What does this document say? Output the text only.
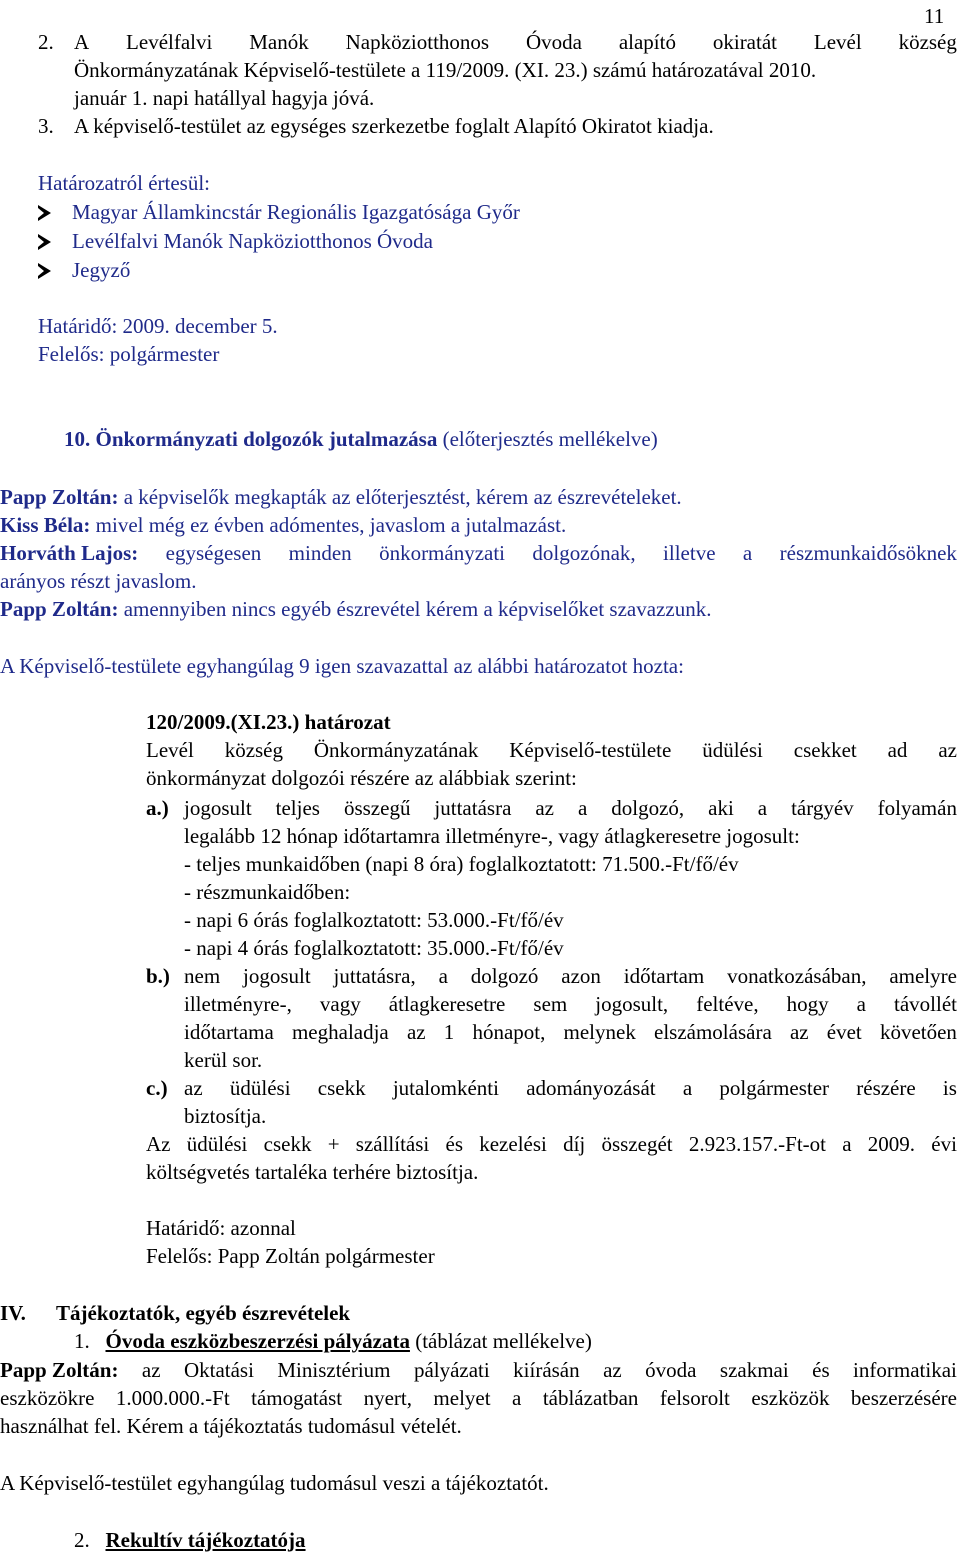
11
2. A Levélfalvi Manók Napköziotthonos Óvoda alapító okiratát Levél község
Önkormányzatának Képviselő-testülete a 119/2009. (XI. 23.) számú határozatával 2010.
január 1. napi hatállyal hagyja jóvá.
3. A képviselő-testület az egységes szerkezetbe foglalt Alapító Okiratot kiadja.
Határozatról értesül:
Magyar Államkincstár Regionális Igazgatósága Győr
Levélfalvi Manók Napköziotthonos Óvoda
Jegyző
Határidő: 2009. december 5.
Felelős: polgármester
10. Önkormányzati dolgozók jutalmazása (előterjesztés mellékelve)
Papp Zoltán: a képviselők megkapták az előterjesztést, kérem az észrevételeket.
Kiss Béla: mivel még ez évben adómentes, javaslom a jutalmazást.
Horváth Lajos: egységesen minden önkormányzati dolgozónak, illetve a részmunkaidősöknek
arányos részt javaslom.
Papp Zoltán: amennyiben nincs egyéb észrevétel kérem a képviselőket szavazzunk.
A Képviselő-testülete egyhangúlag 9 igen szavazattal az alábbi határozatot hozta:
120/2009.(XI.23.) határozat
Levél község Önkormányzatának Képviselő-testülete üdülési csekket ad az
önkormányzat dolgozói részére az alábbiak szerint:
a.) jogosult teljes összegű juttatásra az a dolgozó, aki a tárgyév folyamán
legalább 12 hónap időtartamra illetményre-, vagy átlagkeresetre jogosult:
- teljes munkaidőben (napi 8 óra) foglalkoztatott: 71.500.-Ft/fő/év
- részmunkaidőben:
- napi 6 órás foglalkoztatott: 53.000.-Ft/fő/év
- napi 4 órás foglalkoztatott: 35.000.-Ft/fő/év
b.) nem jogosult juttatásra, a dolgozó azon időtartam vonatkozásában, amelyre
illetményre-, vagy átlagkeresetre sem jogosult, feltéve, hogy a távollét
időtartama meghaladja az 1 hónapot, melynek elszámolására az évet követően
kerül sor.
c.) az üdülési csekk jutalomkénti adományozását a polgármester részére is
biztosítja.
Az üdülési csekk + szállítási és kezelési díj összegét 2.923.157.-Ft-ot a 2009. évi
költségvetés tartaléka terhére biztosítja.
Határidő: azonnal
Felelős: Papp Zoltán polgármester
IV. Tájékoztatók, egyéb észrevételek
1. Óvoda eszközbeszerzési pályázata (táblázat mellékelve)
Papp Zoltán: az Oktatási Minisztérium pályázati kiírásán az óvoda szakmai és informatikai
eszközökre 1.000.000.-Ft támogatást nyert, melyet a táblázatban felsorolt eszközök beszerzésére
használhat fel. Kérem a tájékoztatás tudomásul vételét.
A Képviselő-testület egyhangúlag tudomásul veszi a tájékoztatót.
2. Rekultív tájékoztatója
